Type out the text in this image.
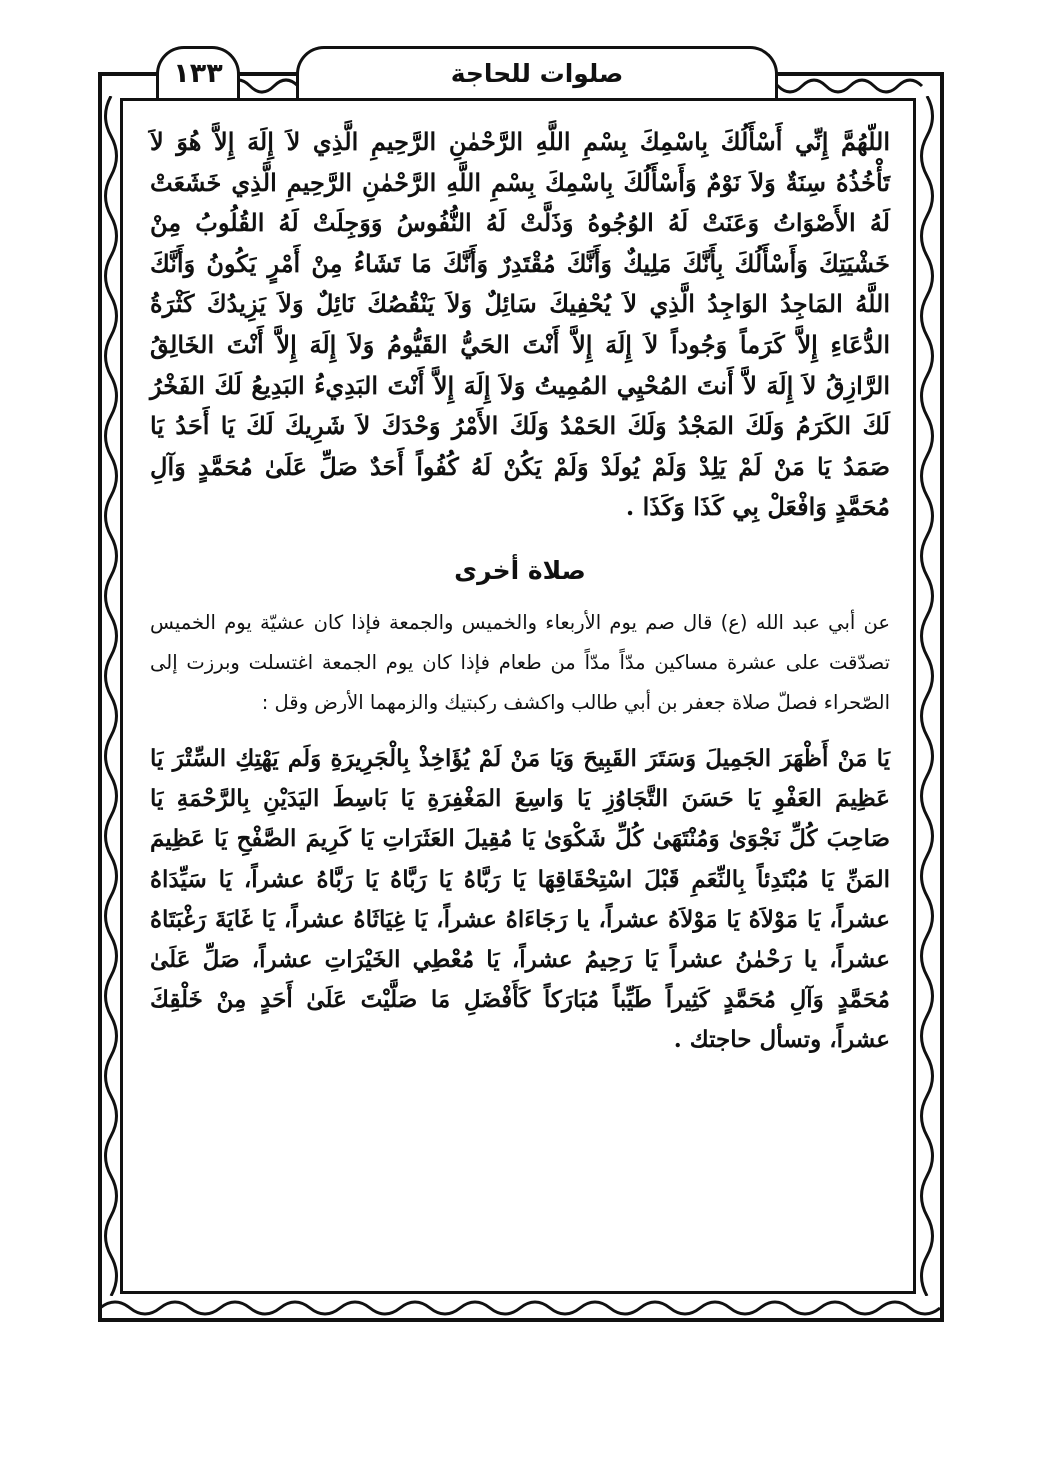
١٣٣	صلوات للحاجة

اللّهُمَّ إِنِّي أَسْأَلُكَ بِاسْمِكَ بِسْمِ اللَّهِ الرَّحْمٰنِ الرَّحِيمِ الَّذِي لاَ إِلَهَ إِلاَّ هُوَ لاَ تَأْخُذُهُ سِنَةٌ وَلاَ نَوْمٌ وَأَسْأَلُكَ بِاسْمِكَ بِسْمِ اللَّهِ الرَّحْمٰنِ الرَّحِيمِ الَّذِي خَشَعَتْ لَهُ الأَصْوَاتُ وَعَنَتْ لَهُ الوُجُوهُ وَذَلَّتْ لَهُ النُّفُوسُ وَوَجِلَتْ لَهُ القُلُوبُ مِنْ خَشْيَتِكَ وَأَسْأَلُكَ بِأَنَّكَ مَلِيكٌ وَأَنَّكَ مُقْتَدِرٌ وَأَنَّكَ مَا تَشَاءُ مِنْ أَمْرٍ يَكُونُ وَأَنَّكَ اللَّهُ المَاجِدُ الوَاجِدُ الَّذِي لاَ يُحْفِيكَ سَائِلٌ وَلاَ يَنْقُصُكَ نَائِلٌ وَلاَ يَزِيدُكَ كَثْرَةُ الدُّعَاءِ إِلاَّ كَرَماً وَجُوداً لاَ إِلَهَ إِلاَّ أَنْتَ الحَيُّ القَيُّومُ وَلاَ إِلَهَ إِلاَّ أَنْتَ الخَالِقُ الرَّازِقُ لاَ إِلَهَ لاَّ أَنتَ المُحْيِي المُمِيتُ وَلاَ إِلَهَ إِلاَّ أَنْتَ البَدِيءُ البَدِيعُ لَكَ الفَخْرُ لَكَ الكَرَمُ وَلَكَ المَجْدُ وَلَكَ الحَمْدُ وَلَكَ الأَمْرُ وَحْدَكَ لاَ شَرِيكَ لَكَ يَا أَحَدُ يَا صَمَدُ يَا مَنْ لَمْ يَلِدْ وَلَمْ يُولَدْ وَلَمْ يَكُنْ لَهُ كُفُواً أَحَدٌ صَلِّ عَلَىٰ مُحَمَّدٍ وَآلِ مُحَمَّدٍ وَافْعَلْ بِي كَذَا وَكَذَا .

صلاة أخرى

عن أبي عبد الله (ع) قال صم يوم الأربعاء والخميس والجمعة فإذا كان عشيّة يوم الخميس تصدّقت على عشرة مساكين مدّاً مدّاً من طعام فإذا كان يوم الجمعة اغتسلت وبرزت إلى الصّحراء فصلّ صلاة جعفر بن أبي طالب واكشف ركبتيك والزمهما الأرض وقل :

يَا مَنْ أَظْهَرَ الجَمِيلَ وَسَتَرَ القَبِيحَ وَيَا مَنْ لَمْ يُؤَاخِذْ بِالْجَرِيرَةِ وَلَم يَهْتِكِ السِّتْرَ يَا عَظِيمَ العَفْوِ يَا حَسَنَ التَّجَاوُزِ يَا وَاسِعَ المَغْفِرَةِ يَا بَاسِطَ اليَدَيْنِ بِالرَّحْمَةِ يَا صَاحِبَ كُلِّ نَجْوَىٰ وَمُنْتَهَىٰ كُلِّ شَكْوَىٰ يَا مُقِيلَ العَثَرَاتِ يَا كَرِيمَ الصَّفْحِ يَا عَظِيمَ المَنِّ يَا مُبْتَدِئاً بِالنِّعَمِ قَبْلَ اسْتِحْقَاقِهَا يَا رَبَّاهُ يَا رَبَّاهُ يَا رَبَّاهُ عشراً، يَا سَيِّدَاهُ عشراً، يَا مَوْلاَهُ يَا مَوْلاَهُ عشراً، يا رَجَاءَاهُ عشراً، يَا غِيَاثَاهُ عشراً، يَا غَايَةَ رَغْبَتَاهُ عشراً، يا رَحْمٰنُ عشراً يَا رَحِيمُ عشراً، يَا مُعْطِي الخَيْرَاتِ عشراً، صَلِّ عَلَىٰ مُحَمَّدٍ وَآلِ مُحَمَّدٍ كَثِيراً طَيِّباً مُبَارَكاً كَأَفْضَلِ مَا صَلَّيْتَ عَلَىٰ أَحَدٍ مِنْ خَلْقِكَ عشراً، وتسأل حاجتك .
